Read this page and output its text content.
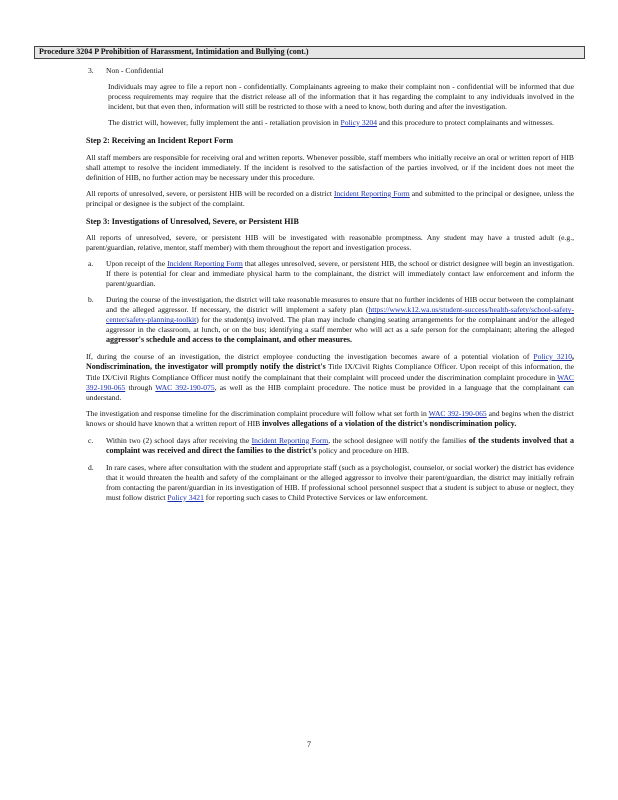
Procedure 3204 P Prohibition of Harassment, Intimidation and Bullying (cont.)
3.	Non - Confidential

Individuals may agree to file a report non - confidentially. Complainants agreeing to make their complaint non - confidential will be informed that due process requirements may require that the district release all of the information that it has regarding the complaint to any individuals involved in the incident, but that even then, information will still be restricted to those with a need to know, both during and after the investigation.

The district will, however, fully implement the anti - retaliation provision in Policy 3204 and this procedure to protect complainants and witnesses.

Step 2: Receiving an Incident Report Form

All staff members are responsible for receiving oral and written reports. Whenever possible, staff members who initially receive an oral or written report of HIB shall attempt to resolve the incident immediately. If the incident is resolved to the satisfaction of the parties involved, or if the incident does not meet the definition of HIB, no further action may be necessary under this procedure.

All reports of unresolved, severe, or persistent HIB will be recorded on a district Incident Reporting Form and submitted to the principal or designee, unless the principal or designee is the subject of the complaint.

Step 3: Investigations of Unresolved, Severe, or Persistent HIB

All reports of unresolved, severe, or persistent HIB will be investigated with reasonable promptness. Any student may have a trusted adult (e.g., parent/guardian, relative, mentor, staff member) with them throughout the report and investigation process.

a.	Upon receipt of the Incident Reporting Form that alleges unresolved, severe, or persistent HIB, the school or district designee will begin an investigation. If there is potential for clear and immediate physical harm to the complainant, the district will immediately contact law enforcement and inform the parent/guardian.
b.	During the course of the investigation, the district will take reasonable measures to ensure that no further incidents of HIB occur between the complainant and the alleged aggressor. If necessary, the district will implement a safety plan (https://www.k12.wa.us/student-success/health-safety/school-safety-center/safety-planning-toolkit) for the student(s) involved. The plan may include changing seating arrangements for the complainant and/or the alleged aggressor in the classroom, at lunch, or on the bus; identifying a staff member who will act as a safe person for the complainant; altering the alleged aggressor's schedule and access to the complainant, and other measures.

If, during the course of an investigation, the district employee conducting the investigation becomes aware of a potential violation of Policy 3210, Nondiscrimination, the investigator will promptly notify the district's Title IX/Civil Rights Compliance Officer. Upon receipt of this information, the Title IX/Civil Rights Compliance Officer must notify the complainant that their complaint will proceed under the discrimination complaint procedure in WAC 392-190-065 through WAC 392-190-075, as well as the HIB complaint procedure. The notice must be provided in a language that the complainant can understand.

The investigation and response timeline for the discrimination complaint procedure will follow what set forth in WAC 392-190-065 and begins when the district knows or should have known that a written report of HIB involves allegations of a violation of the district's nondiscrimination policy.

c.	Within two (2) school days after receiving the Incident Reporting Form, the school designee will notify the families of the students involved that a complaint was received and direct the families to the district's policy and procedure on HIB.
d.	In rare cases, where after consultation with the student and appropriate staff (such as a psychologist, counselor, or social worker) the district has evidence that it would threaten the health and safety of the complainant or the alleged aggressor to involve their parent/guardian, the district may initially refrain from contacting the parent/guardian in its investigation of HIB. If professional school personnel suspect that a student is subject to abuse or neglect, they must follow district Policy 3421 for reporting such cases to Child Protective Services or law enforcement.
7
